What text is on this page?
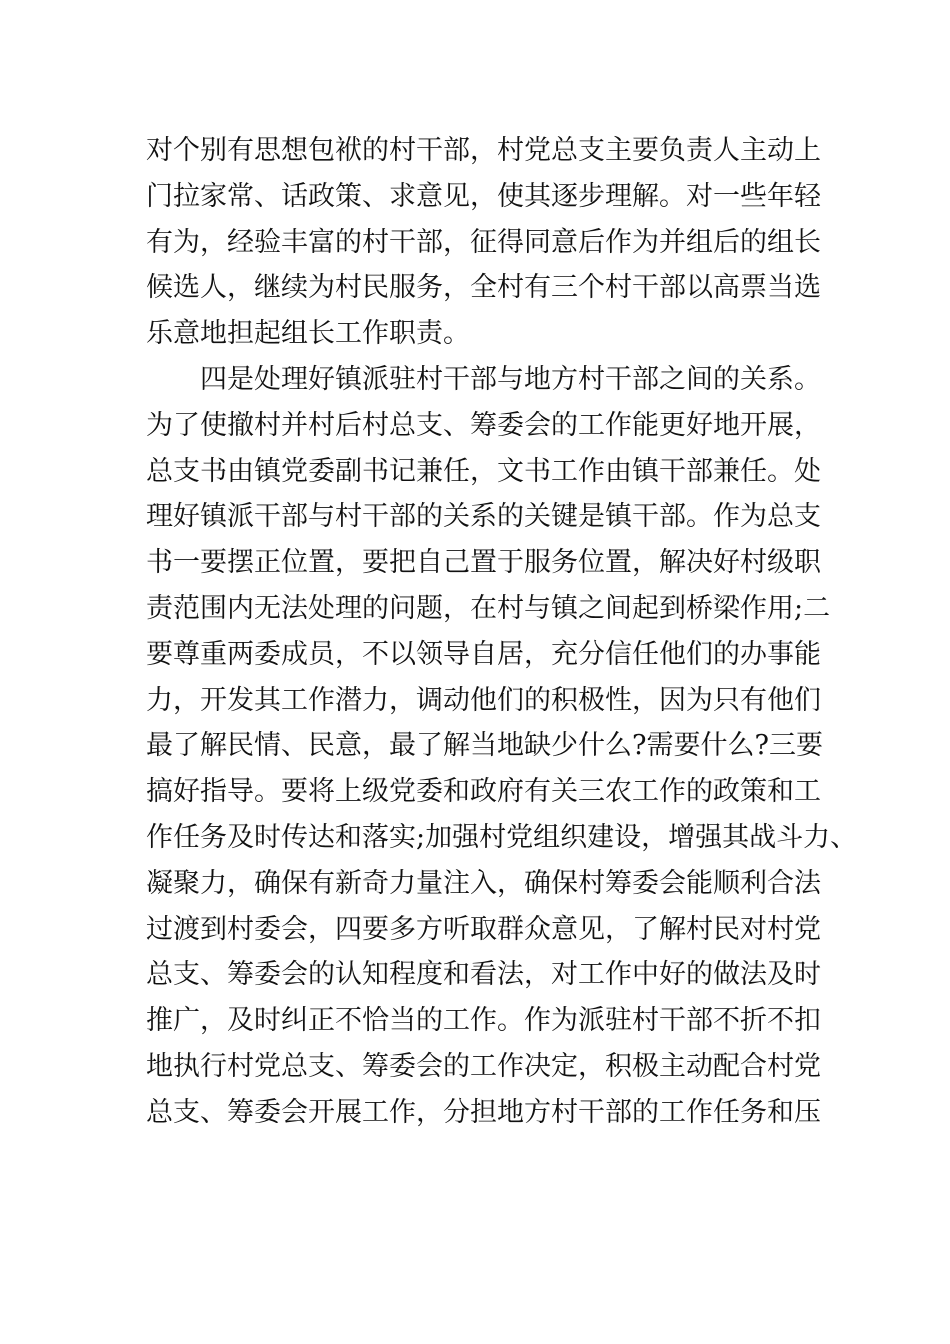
对个别有思想包袱的村干部，村党总支主要负责人主动上
门拉家常、话政策、求意见，使其逐步理解。对一些年轻
有为，经验丰富的村干部，征得同意后作为并组后的组长
候选人，继续为村民服务，全村有三个村干部以高票当选
乐意地担起组长工作职责。
四是处理好镇派驻村干部与地方村干部之间的关系。
为了使撤村并村后村总支、筹委会的工作能更好地开展，
总支书由镇党委副书记兼任，文书工作由镇干部兼任。处
理好镇派干部与村干部的关系的关键是镇干部。作为总支
书一要摆正位置，要把自己置于服务位置，解决好村级职
责范围内无法处理的问题，在村与镇之间起到桥梁作用;二
要尊重两委成员，不以领导自居，充分信任他们的办事能
力，开发其工作潜力，调动他们的积极性，因为只有他们
最了解民情、民意，最了解当地缺少什么?需要什么?三要
搞好指导。要将上级党委和政府有关三农工作的政策和工
作任务及时传达和落实;加强村党组织建设，增强其战斗力、
凝聚力，确保有新奇力量注入，确保村筹委会能顺利合法
过渡到村委会，四要多方听取群众意见，了解村民对村党
总支、筹委会的认知程度和看法，对工作中好的做法及时
推广，及时纠正不恰当的工作。作为派驻村干部不折不扣
地执行村党总支、筹委会的工作决定，积极主动配合村党
总支、筹委会开展工作，分担地方村干部的工作任务和压
